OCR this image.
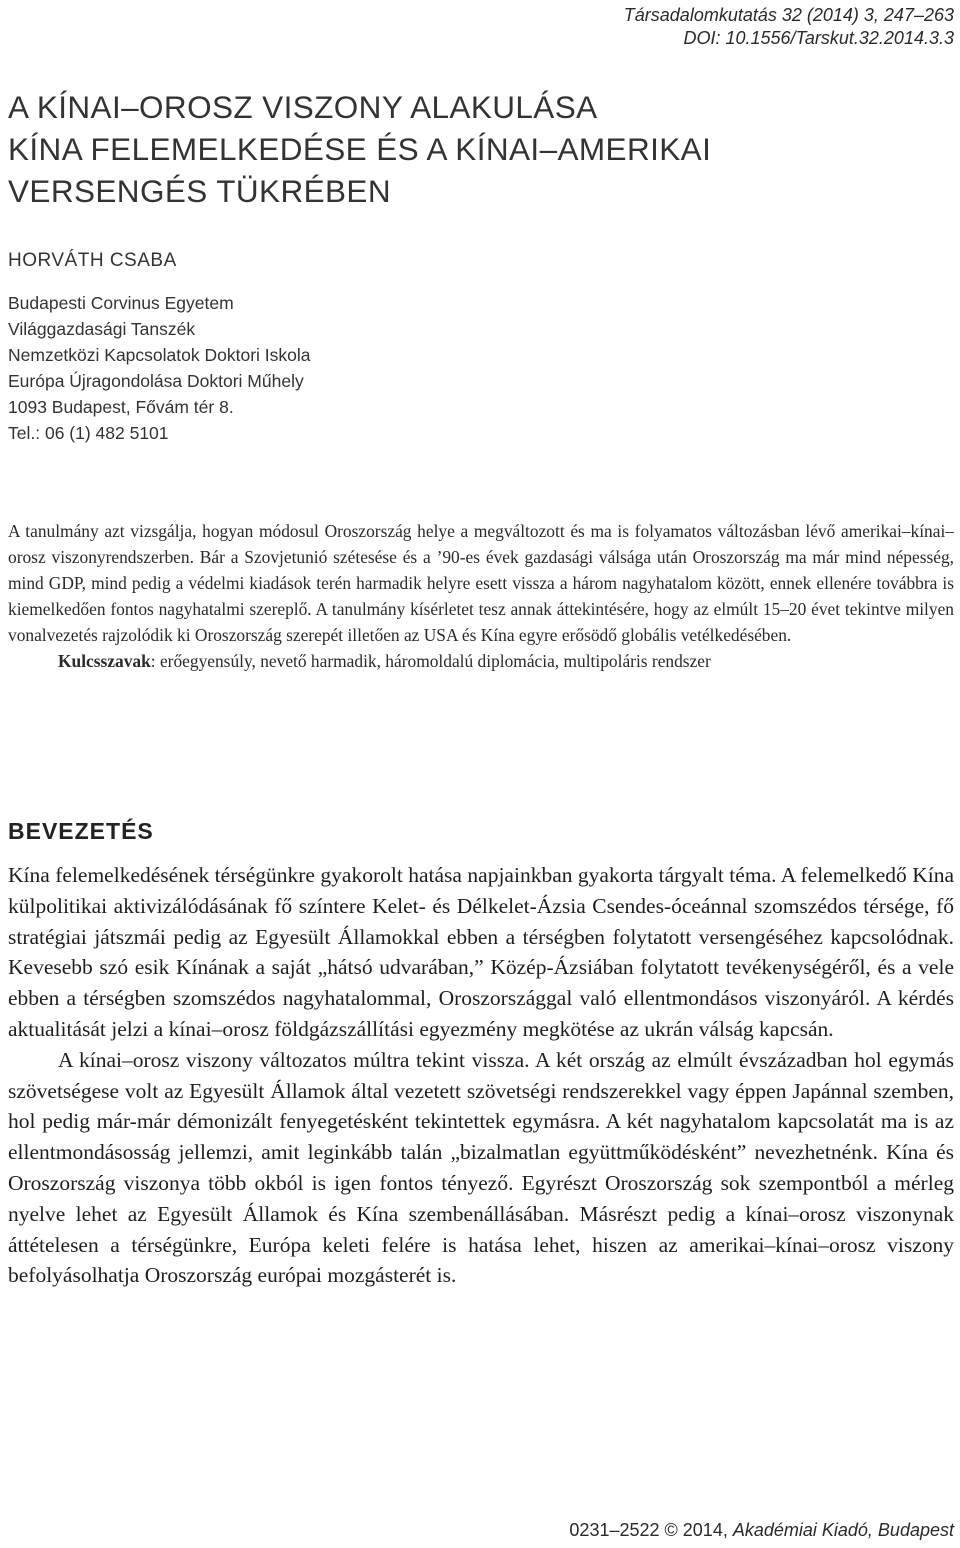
Társadalomkutatás 32 (2014) 3, 247–263
DOI: 10.1556/Tarskut.32.2014.3.3
A KÍNAI–OROSZ VISZONY ALAKULÁSA
KÍNA FELEMELKEDÉSE ÉS A KÍNAI–AMERIKAI
VERSENGÉS TÜKRÉBEN
HORVÁTH CSABA
Budapesti Corvinus Egyetem
Világgazdasági Tanszék
Nemzetközi Kapcsolatok Doktori Iskola
Európa Újragondolása Doktori Műhely
1093 Budapest, Fővám tér 8.
Tel.: 06 (1) 482 5101

A tanulmány azt vizsgálja, hogyan módosul Oroszország helye a megváltozott és ma is folyamatos változásban lévő amerikai–kínai–orosz viszonyrendszerben. Bár a Szovjetunió szétesése és a ’90-es évek gazdasági válsága után Oroszország ma már mind népesség, mind GDP, mind pedig a védelmi kiadások terén harmadik helyre esett vissza a három nagyhatalom között, ennek ellenére továbbra is kiemelkedően fontos nagyhatalmi szereplő. A tanulmány kísérletet tesz annak áttekintésére, hogy az elmúlt 15–20 évet tekintve milyen vonalvezetés rajzolódik ki Oroszország szerepét illetően az USA és Kína egyre erősödő globális vetélkedésében.

Kulcsszavak: erőegyensúly, nevető harmadik, háromoldalú diplomácia, multipoláris rendszer

BEVEZETÉS

Kína felemelkedésének térségünkre gyakorolt hatása napjainkban gyakorta tárgyalt téma. A felemelkedő Kína külpolitikai aktivizálódásának fő színtere Kelet- és Délkelet-Ázsia Csendes-óceánnal szomszédos térsége, fő stratégiai játszmái pedig az Egyesült Államokkal ebben a térségben folytatott versengéséhez kapcsolódnak. Kevesebb szó esik Kínának a saját „hátsó udvarában,” Közép-Ázsiában folytatott tevékenységéről, és a vele ebben a térségben szomszédos nagyhatalommal, Oroszországgal való ellentmondásos viszonyáról. A kérdés aktualitását jelzi a kínai–orosz földgázszállítási egyezmény megkötése az ukrán válság kapcsán.

A kínai–orosz viszony változatos múltra tekint vissza. A két ország az elmúlt évszázadban hol egymás szövetségese volt az Egyesült Államok által vezetett szövetségi rendszerekkel vagy éppen Japánnal szemben, hol pedig már-már démonizált fenyegetésként tekintettek egymásra. A két nagyhatalom kapcsolatát ma is az ellentmondásosság jellemzi, amit leginkább talán „bizalmatlan együttműködésként” nevezhetnénk. Kína és Oroszország viszonya több okból is igen fontos tényező. Egyrészt Oroszország sok szempontból a mérleg nyelve lehet az Egyesült Államok és Kína szembenállásában. Másrészt pedig a kínai–orosz viszonynak áttételesen a térségünkre, Európa keleti felére is hatása lehet, hiszen az amerikai–kínai–orosz viszony befolyásolhatja Oroszország európai mozgásterét is.

0231–2522 © 2014, Akadémiai Kiadó, Budapest
